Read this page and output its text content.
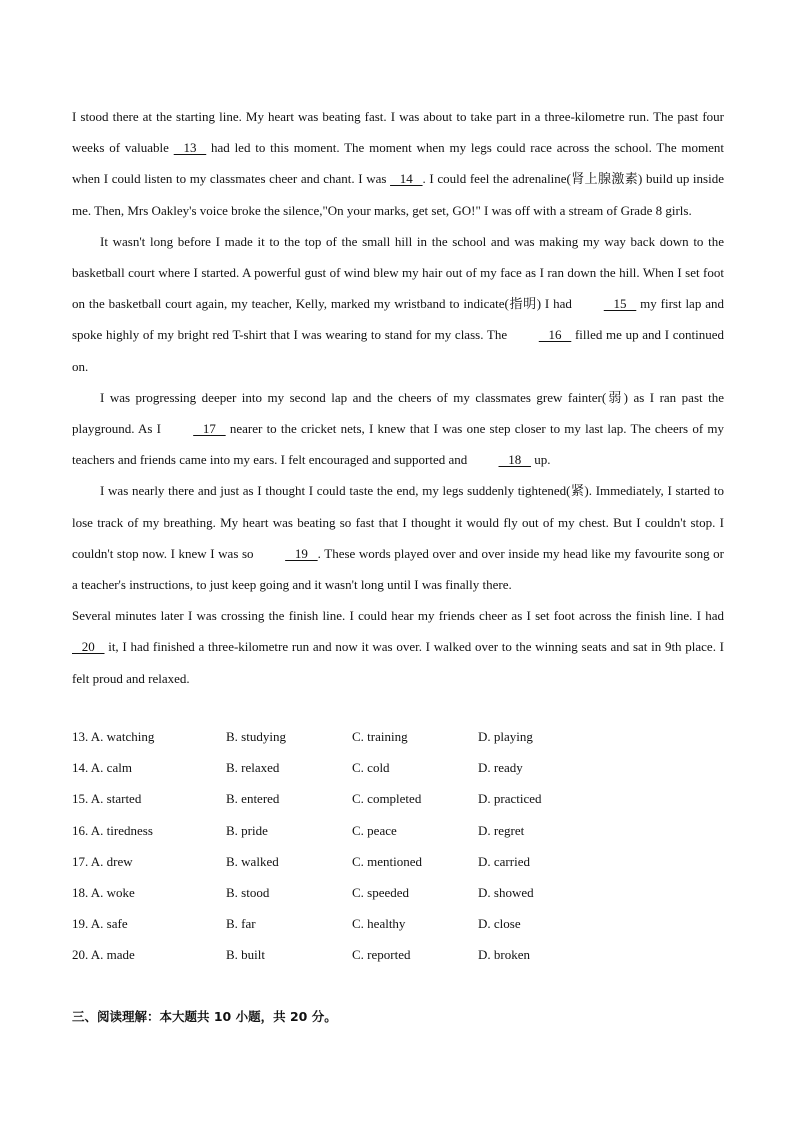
I stood there at the starting line. My heart was beating fast. I was about to take part in a three-kilometre run. The past four weeks of valuable    13    had led to this moment. The moment when my legs could race across the school. The moment when I could listen to my classmates cheer and chant. I was    14   . I could feel the adrenaline(肾上腺激素) build up inside me. Then, Mrs Oakley's voice broke the silence,"On your marks, get set, GO!" I was off with a stream of Grade 8 girls.

It wasn't long before I made it to the top of the small hill in the school and was making my way back down to the basketball court where I started. A powerful gust of wind blew my hair out of my face as I ran down the hill. When I set foot on the basketball court again, my teacher, Kelly, marked my wristband to indicate(指明) I had    15    my first lap and spoke highly of my bright red T-shirt that I was wearing to stand for my class. The    16    filled me up and I continued on.

I was progressing deeper into my second lap and the cheers of my classmates grew fainter(弱) as I ran past the playground. As I    17    nearer to the cricket nets, I knew that I was one step closer to my last lap. The cheers of my teachers and friends came into my ears. I felt encouraged and supported and    18    up.

I was nearly there and just as I thought I could taste the end, my legs suddenly tightened(紧). Immediately, I started to lose track of my breathing. My heart was beating so fast that I thought it would fly out of my chest. But I couldn't stop. I couldn't stop now. I knew I was so    19   . These words played over and over inside my head like my favourite song or a teacher's instructions, to just keep going and it wasn't long until I was finally there.

Several minutes later I was crossing the finish line. I could hear my friends cheer as I set foot across the finish line. I had    20    it, I had finished a three-kilometre run and now it was over. I walked over to the winning seats and sat in 9th place. I felt proud and relaxed.

13. A. watching	B. studying	C. training	D. playing
14. A. calm	B. relaxed	C. cold	D. ready
15. A. started	B. entered	C. completed	D. practiced
16. A. tiredness	B. pride	C. peace	D. regret
17. A. drew	B. walked	C. mentioned	D. carried
18. A. woke	B. stood	C. speeded	D. showed
19. A. safe	B. far	C. healthy	D. close
20. A. made	B. built	C. reported	D. broken
三、阅读理解：本大题共 10 小题，共 20 分。
